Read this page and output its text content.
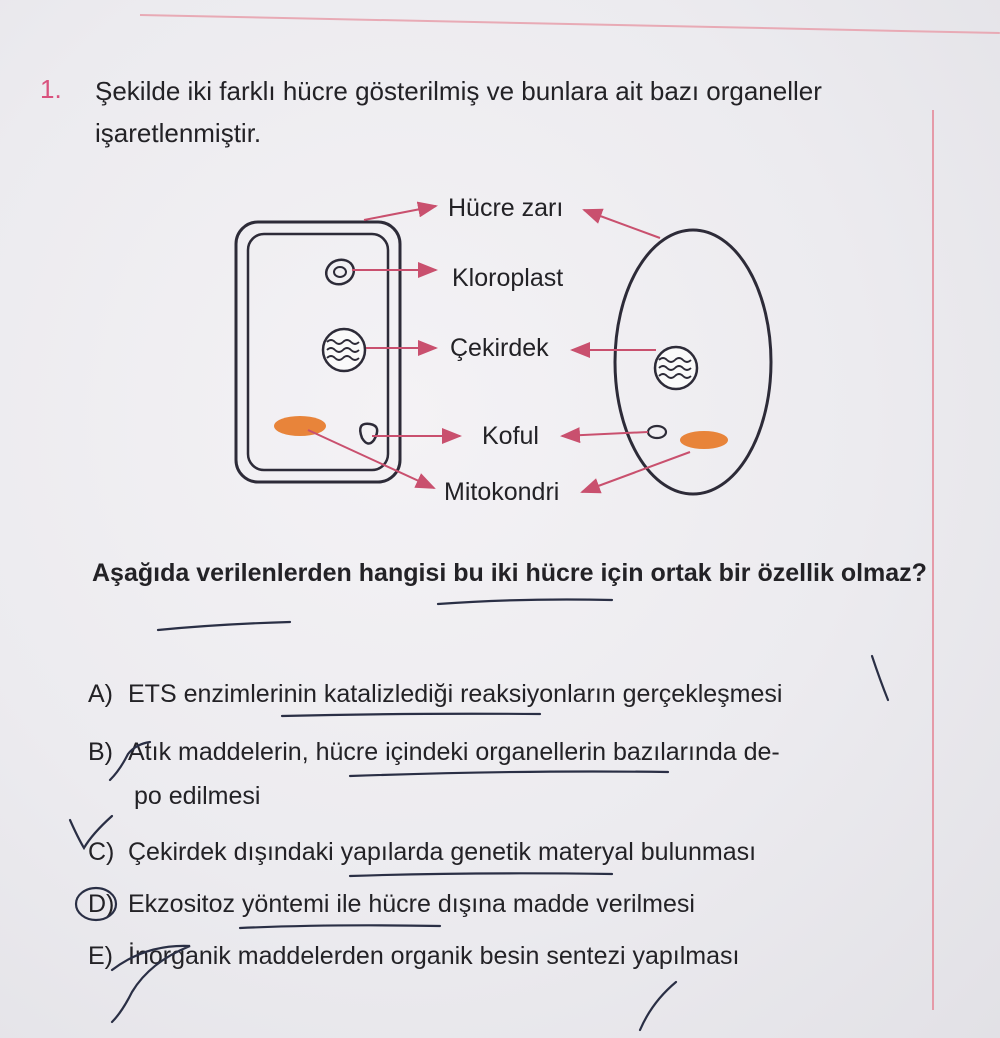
1. Şekilde iki farklı hücre gösterilmiş ve bunlara ait bazı organeller işaretlenmiştir.
Hücre zarı
Kloroplast
Çekirdek
Koful
Mitokondri
Aşağıda verilenlerden hangisi bu iki hücre için ortak bir özellik olmaz?
A) ETS enzimlerinin katalizlediği reaksiyonların gerçekleşmesi
B) Atık maddelerin, hücre içindeki organellerin bazılarında de-
po edilmesi
C) Çekirdek dışındaki yapılarda genetik materyal bulunması
D) Ekzositoz yöntemi ile hücre dışına madde verilmesi
E) İnorganik maddelerden organik besin sentezi yapılması
